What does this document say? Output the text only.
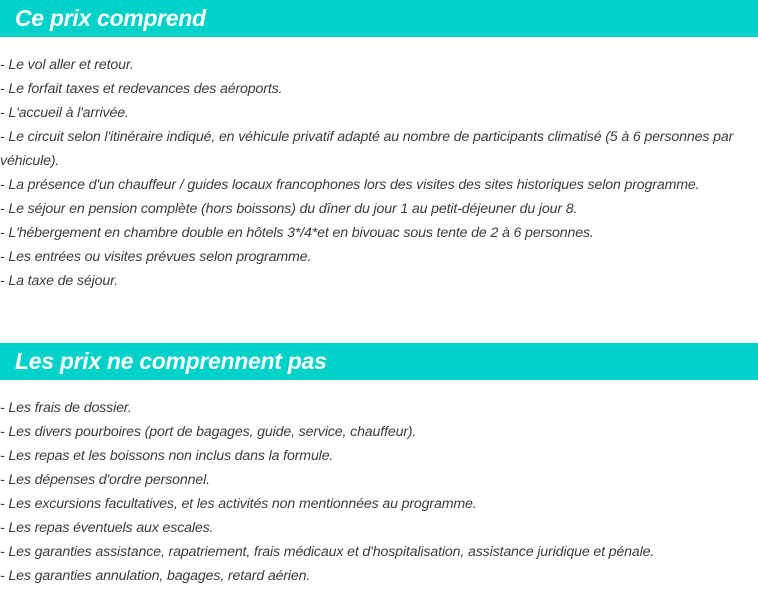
Ce prix comprend
- Le vol aller et retour.
- Le forfait taxes et redevances des aéroports.
- L'accueil à l'arrivée.
- Le circuit selon l'itinéraire indiqué, en véhicule privatif adapté au nombre de participants climatisé (5 à 6 personnes par véhicule).
- La présence d'un chauffeur / guides locaux francophones lors des visites des sites historiques selon programme.
- Le séjour en pension complète (hors boissons) du dîner du jour 1 au petit-déjeuner du jour 8.
- L'hébergement en chambre double en hôtels 3*/4*et en bivouac sous tente de 2 à 6 personnes.
- Les entrées ou visites prévues selon programme.
- La taxe de séjour.
Les prix ne comprennent pas
- Les frais de dossier.
- Les divers pourboires (port de bagages, guide, service, chauffeur).
- Les repas et les boissons non inclus dans la formule.
- Les dépenses d'ordre personnel.
- Les excursions facultatives, et les activités non mentionnées au programme.
- Les repas éventuels aux escales.
- Les garanties assistance, rapatriement, frais médicaux et d'hospitalisation, assistance juridique et pénale.
- Les garanties annulation, bagages, retard aérien.
